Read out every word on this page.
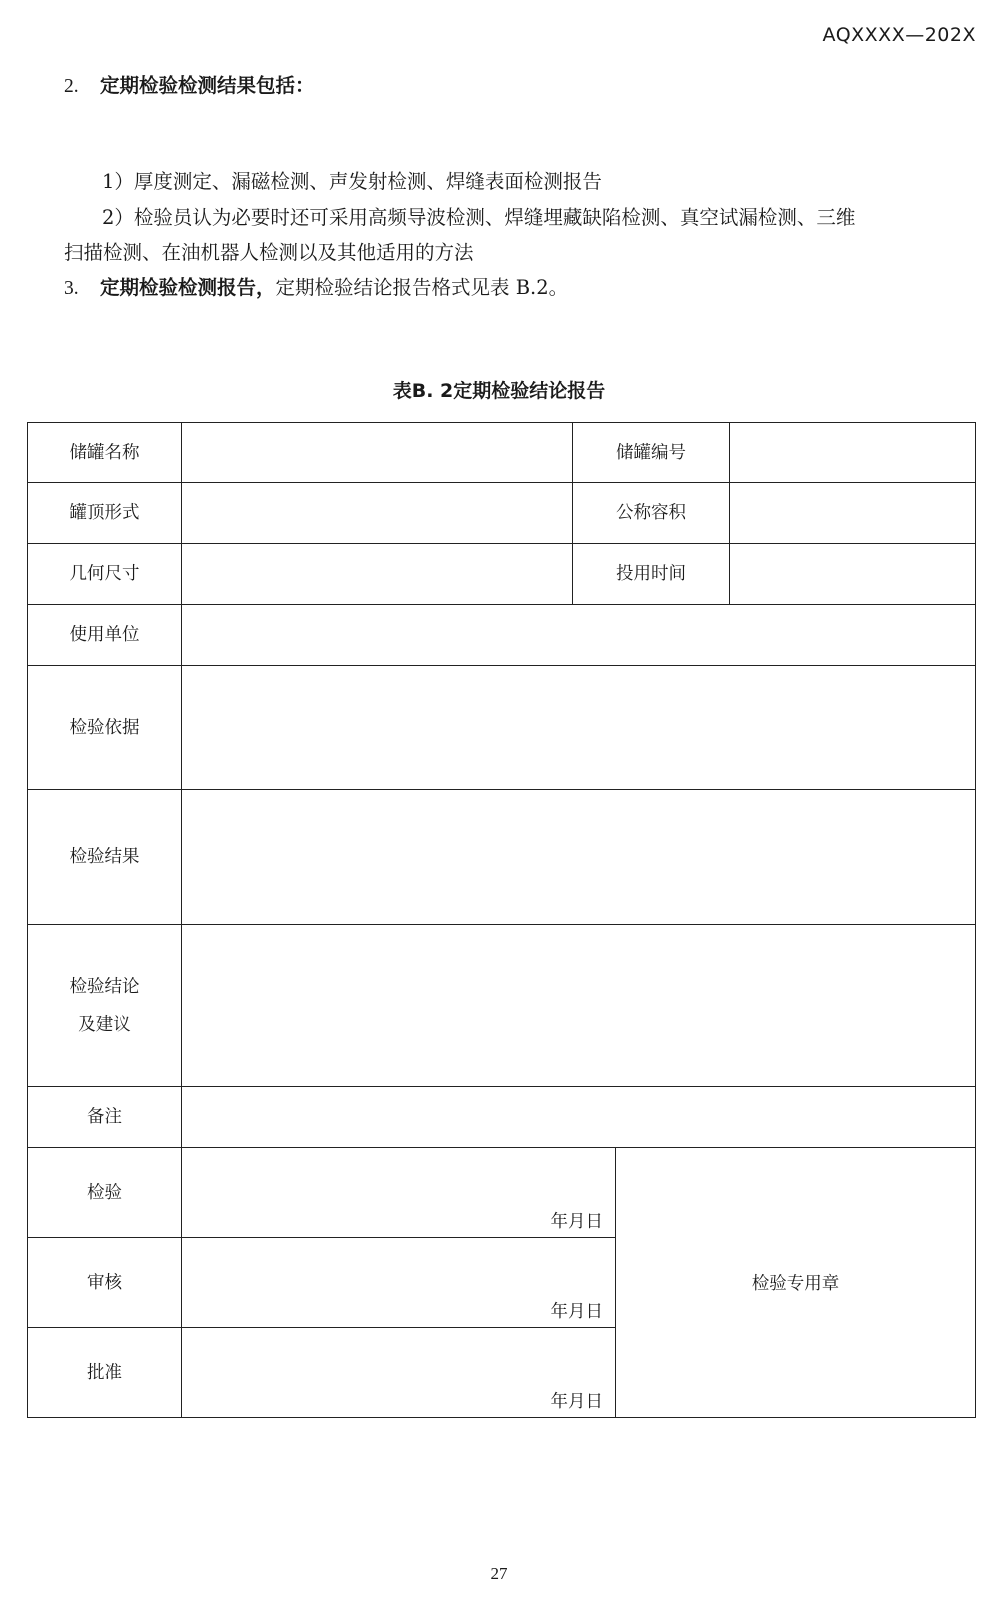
AQXXXX—202X
2. 定期检验检测结果包括：
1）厚度测定、漏磁检测、声发射检测、焊缝表面检测报告
2）检验员认为必要时还可采用高频导波检测、焊缝埋藏缺陷检测、真空试漏检测、三维
扫描检测、在油机器人检测以及其他适用的方法
3. 定期检验检测报告，定期检验结论报告格式见表 B.2。
表B. 2定期检验结论报告
储罐名称		储罐编号		
罐顶形式		公称容积		
几何尺寸		投用时间		
使用单位				
检验依据				
检验结果				

检验结论
及建议				

备注				
检验	年月日		检验专用章	
审核	年月日			

批准	年月日			
27
